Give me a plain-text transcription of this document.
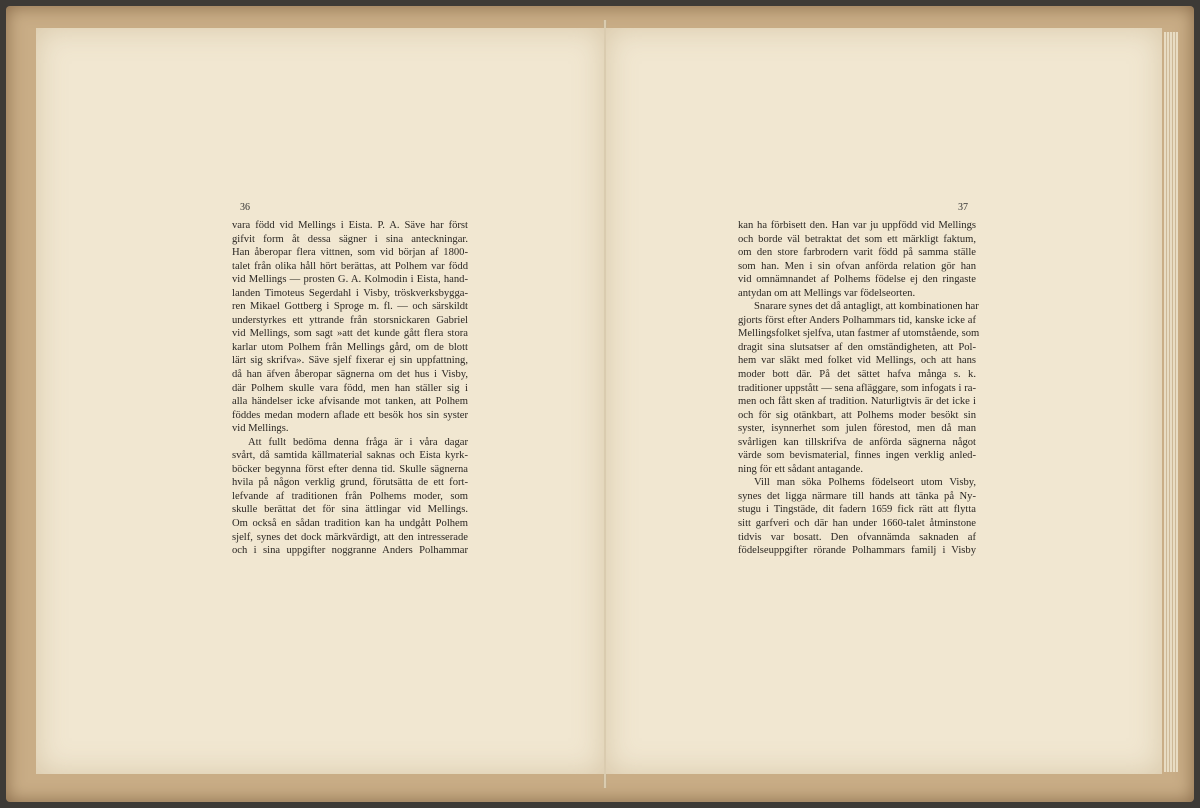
36
vara född vid Mellings i Eista. P. A. Säve har först
gifvit form åt dessa sägner i sina anteckningar.
Han åberopar flera vittnen, som vid början af 1800-
talet från olika håll hört berättas, att Polhem var född
vid Mellings — prosten G. A. Kolmodin i Eista, hand-
landen Timoteus Segerdahl i Visby, tröskverksbygga-
ren Mikael Gottberg i Sproge m. fl. — och särskildt
understyrkes ett yttrande från storsnickaren Gabriel
vid Mellings, som sagt »att det kunde gått flera stora
karlar utom Polhem från Mellings gård, om de blott
lärt sig skrifva». Säve sjelf fixerar ej sin uppfattning,
då han äfven åberopar sägnerna om det hus i Visby,
där Polhem skulle vara född, men han ställer sig i
alla händelser icke afvisande mot tanken, att Polhem
föddes medan modern aflade ett besök hos sin syster
vid Mellings.
Att fullt bedöma denna fråga är i våra dagar
svårt, då samtida källmaterial saknas och Eista kyrk-
böcker begynna först efter denna tid. Skulle sägnerna
hvila på någon verklig grund, förutsätta de ett fort-
lefvande af traditionen från Polhems moder, som
skulle berättat det för sina ättlingar vid Mellings.
Om också en sådan tradition kan ha undgått Polhem
sjelf, synes det dock märkvärdigt, att den intresserade
och i sina uppgifter noggranne Anders Polhammar
37
kan ha förbisett den. Han var ju uppfödd vid Mellings
och borde väl betraktat det som ett märkligt faktum,
om den store farbrodern varit född på samma ställe
som han. Men i sin ofvan anförda relation gör han
vid omnämnandet af Polhems födelse ej den ringaste
antydan om att Mellings var födelseorten.
Snarare synes det då antagligt, att kombinationen har
gjorts först efter Anders Polhammars tid, kanske icke af
Mellingsfolket sjelfva, utan fastmer af utomstående, som
dragit sina slutsatser af den omständigheten, att Pol-
hem var släkt med folket vid Mellings, och att hans
moder bott där. På det sättet hafva många s. k.
traditioner uppstått — sena afläggare, som infogats i ra-
men och fått sken af tradition. Naturligtvis är det icke i
och för sig otänkbart, att Polhems moder besökt sin
syster, isynnerhet som julen förestod, men då man
svårligen kan tillskrifva de anförda sägnerna något
värde som bevismaterial, finnes ingen verklig anled-
ning för ett sådant antagande.
Vill man söka Polhems födelseort utom Visby,
synes det ligga närmare till hands att tänka på Ny-
stugu i Tingstäde, dit fadern 1659 fick rätt att flytta
sitt garfveri och där han under 1660-talet åtminstone
tidvis var bosatt. Den ofvannämda saknaden af
födelseuppgifter rörande Polhammars familj i Visby
